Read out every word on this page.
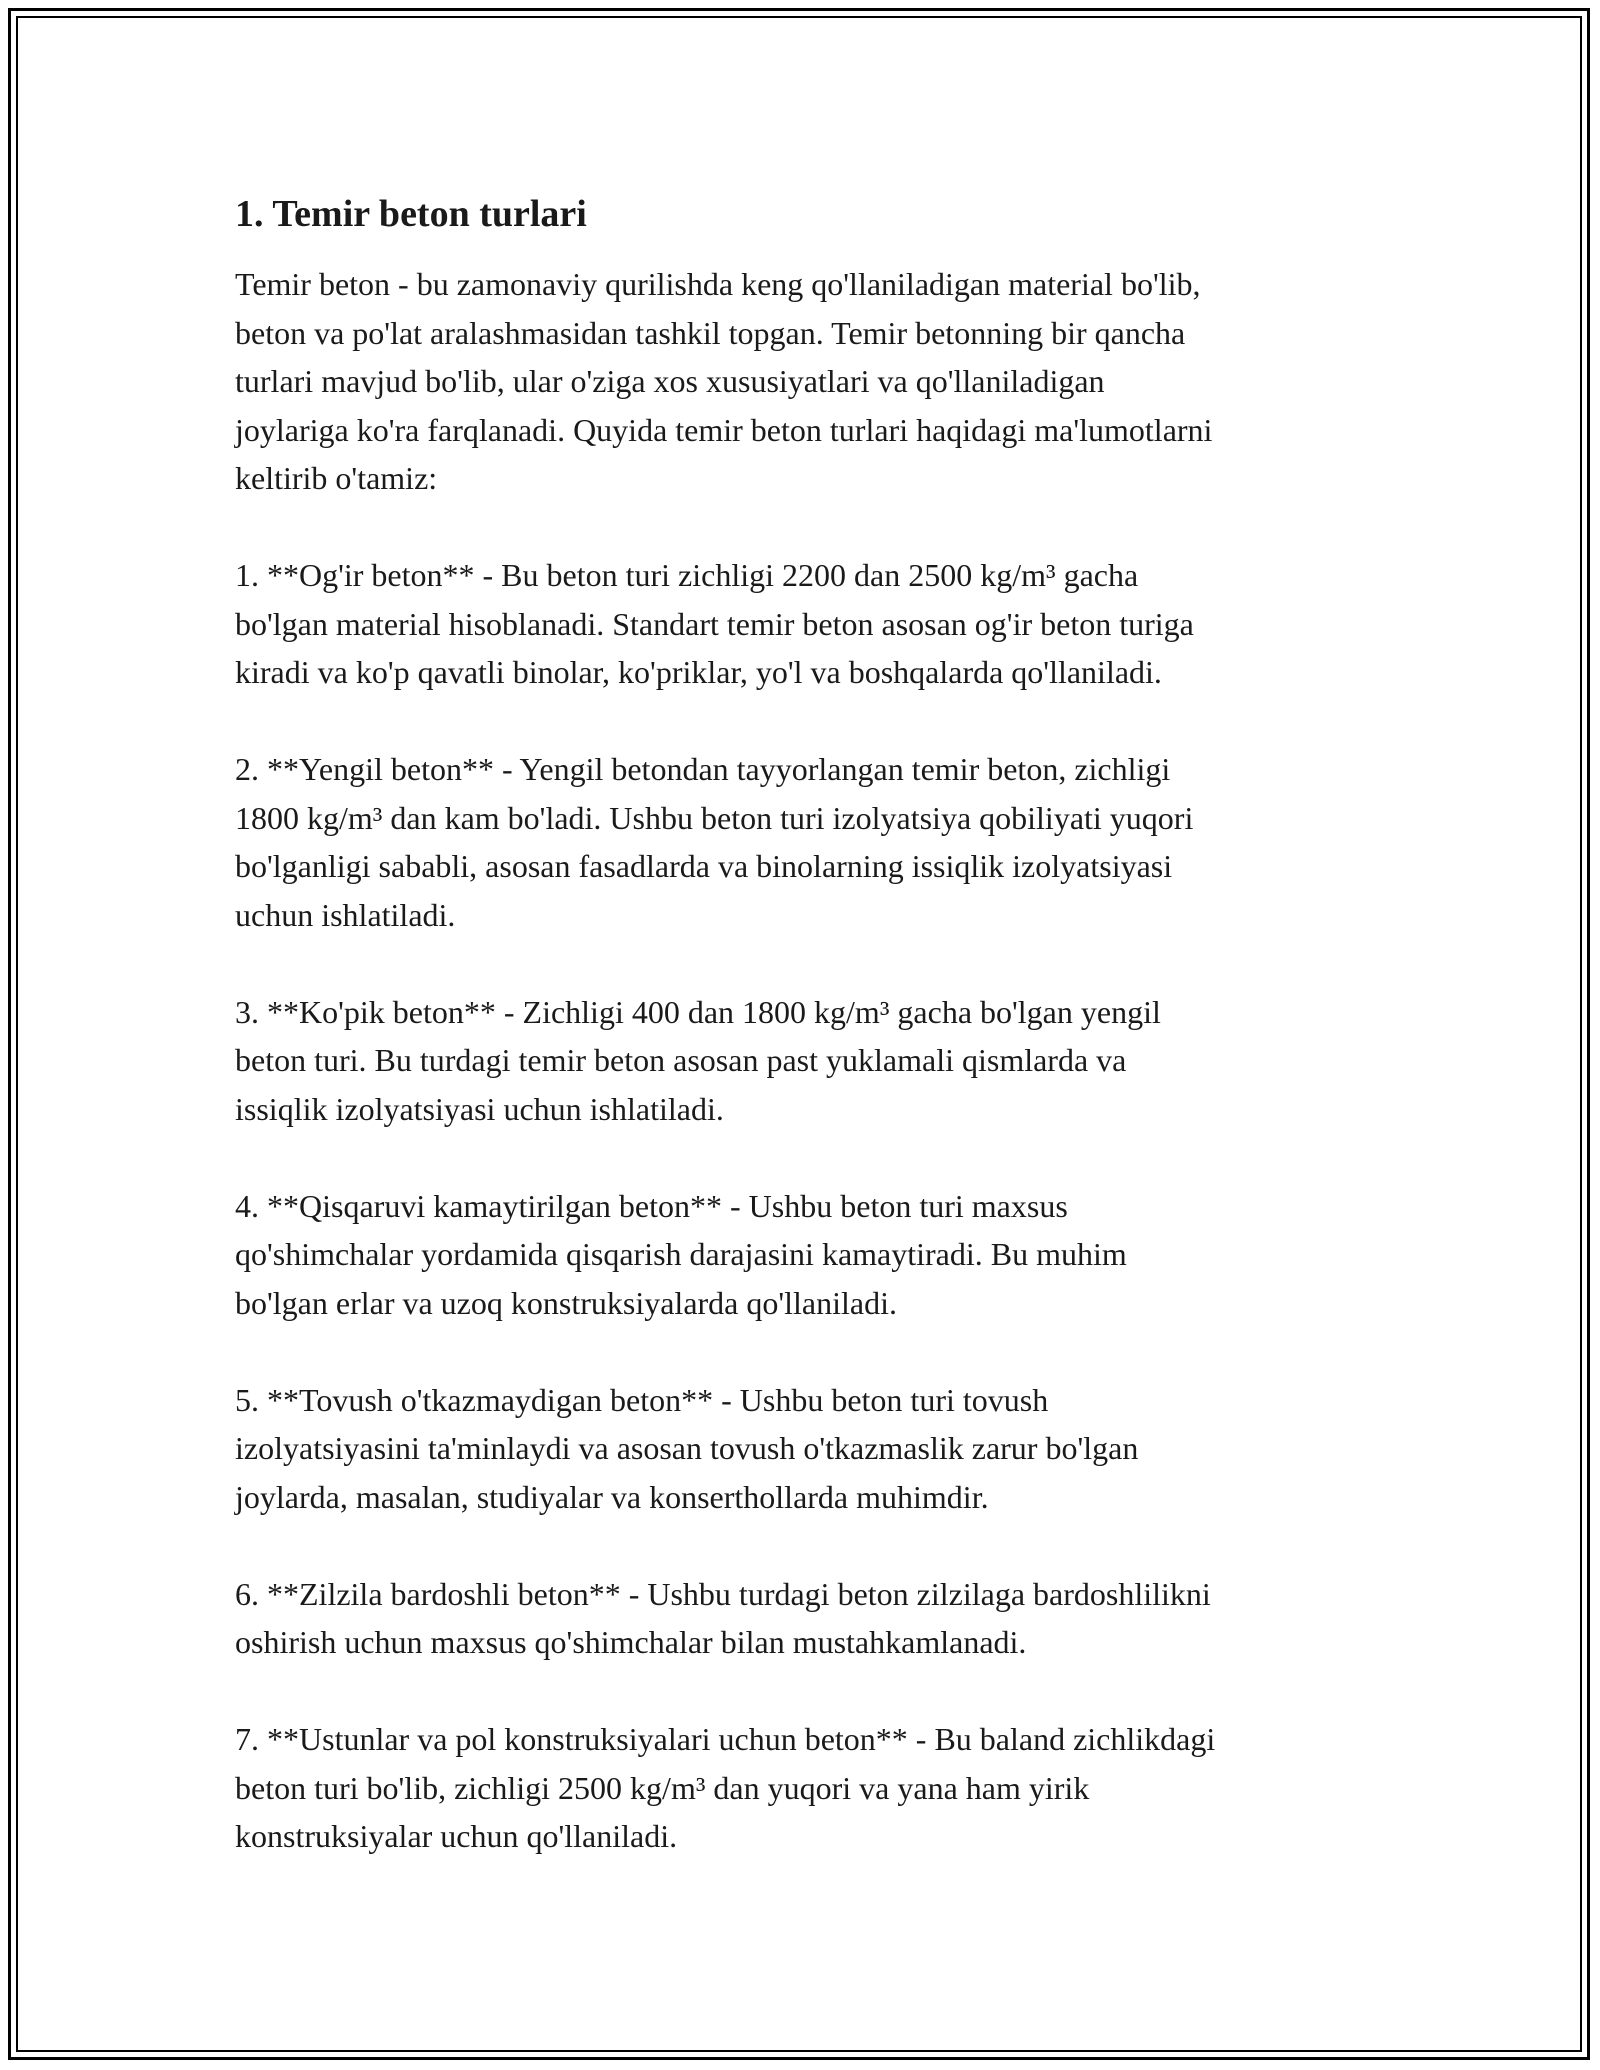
1. Temir beton turlari

Temir beton - bu zamonaviy qurilishda keng qo'llaniladigan material bo'lib,
beton va po'lat aralashmasidan tashkil topgan. Temir betonning bir qancha
turlari mavjud bo'lib, ular o'ziga xos xususiyatlari va qo'llaniladigan
joylariga ko'ra farqlanadi. Quyida temir beton turlari haqidagi ma'lumotlarni
keltirib o'tamiz:

1. **Og'ir beton** - Bu beton turi zichligi 2200 dan 2500 kg/m³ gacha
bo'lgan material hisoblanadi. Standart temir beton asosan og'ir beton turiga
kiradi va ko'p qavatli binolar, ko'priklar, yo'l va boshqalarda qo'llaniladi.

2. **Yengil beton** - Yengil betondan tayyorlangan temir beton, zichligi
1800 kg/m³ dan kam bo'ladi. Ushbu beton turi izolyatsiya qobiliyati yuqori
bo'lganligi sababli, asosan fasadlarda va binolarning issiqlik izolyatsiyasi
uchun ishlatiladi.

3. **Ko'pik beton** - Zichligi 400 dan 1800 kg/m³ gacha bo'lgan yengil
beton turi. Bu turdagi temir beton asosan past yuklamali qismlarda va
issiqlik izolyatsiyasi uchun ishlatiladi.

4. **Qisqaruvi kamaytirilgan beton** - Ushbu beton turi maxsus
qo'shimchalar yordamida qisqarish darajasini kamaytiradi. Bu muhim
bo'lgan erlar va uzoq konstruksiyalarda qo'llaniladi.

5. **Tovush o'tkazmaydigan beton** - Ushbu beton turi tovush
izolyatsiyasini ta'minlaydi va asosan tovush o'tkazmaslik zarur bo'lgan
joylarda, masalan, studiyalar va konserthollarda muhimdir.

6. **Zilzila bardoshli beton** - Ushbu turdagi beton zilzilaga bardoshlilikni
oshirish uchun maxsus qo'shimchalar bilan mustahkamlanadi.

7. **Ustunlar va pol konstruksiyalari uchun beton** - Bu baland zichlikdagi
beton turi bo'lib, zichligi 2500 kg/m³ dan yuqori va yana ham yirik
konstruksiyalar uchun qo'llaniladi.
